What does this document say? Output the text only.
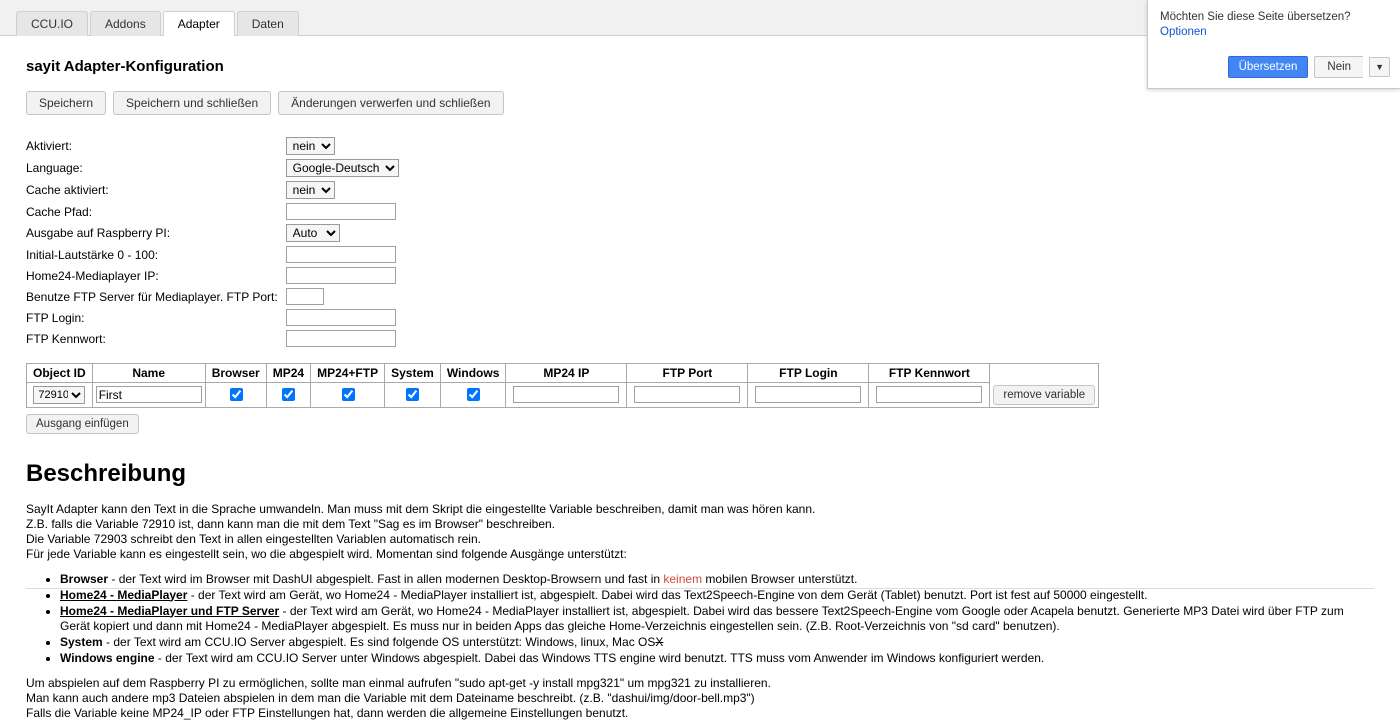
CCU.IO	Addons	Adapter	Daten	Möchten Sie diese Seite übersetzen? Optionen
Übersetzen	Nein	▼
sayit Adapter-Konfiguration
Speichern	Speichern und schließen	Änderungen verwerfen und schließen
Aktiviert:	
nein
Language:	
Google-Deutsch
Cache aktiviert:	
nein
Cache Pfad:	
Ausgabe auf Raspberry PI:	
Auto
Initial-Lautstärke 0 - 100:	
Home24-Mediaplayer IP:	
Benutze FTP Server für Mediaplayer. FTP Port:	
FTP Login:	
FTP Kennwort:	
Object ID	Name	Browser	MP24	MP24+FTP	System	Windows	MP24 IP	FTP Port	FTP Login	FTP Kennwort	

72910	First										remove variable
Ausgang einfügen
Beschreibung

SayIt Adapter kann den Text in die Sprache umwandeln. Man muss mit dem Skript die eingestellte Variable beschreiben, damit man was hören kann.

Z.B. falls die Variable 72910 ist, dann kann man die mit dem Text "Sag es im Browser" beschreiben.

Die Variable 72903 schreibt den Text in allen eingestellten Variablen automatisch rein.

Für jede Variable kann es eingestellt sein, wo die abgespielt wird. Momentan sind folgende Ausgänge unterstützt:

• Browser - der Text wird im Browser mit DashUI abgespielt. Fast in allen modernen Desktop-Browsern und fast in keinem mobilen Browser unterstützt.
• Home24 - MediaPlayer - der Text wird am Gerät, wo Home24 - MediaPlayer installiert ist, abgespielt. Dabei wird das Text2Speech-Engine von dem Gerät (Tablet) benutzt. Port ist fest auf 50000 eingestellt.
• Home24 - MediaPlayer und FTP Server - der Text wird am Gerät, wo Home24 - MediaPlayer installiert ist, abgespielt. Dabei wird das bessere Text2Speech-Engine vom Google oder Acapela benutzt. Generierte MP3 Datei wird über FTP zum Gerät kopiert und dann mit Home24 - MediaPlayer abgespielt. Es muss nur in beiden Apps das gleiche Home-Verzeichnis eingestellen sein. (Z.B. Root-Verzeichnis von "sd card" benutzen).
• System - der Text wird am CCU.IO Server abgespielt. Es sind folgende OS unterstützt: Windows, linux, Mac OSX
• Windows engine - der Text wird am CCU.IO Server unter Windows abgespielt. Dabei das Windows TTS engine wird benutzt. TTS muss vom Anwender im Windows konfiguriert werden.

Um abspielen auf dem Raspberry PI zu ermöglichen, sollte man einmal aufrufen "sudo apt-get -y install mpg321" um mpg321 zu installieren.

Man kann auch andere mp3 Dateien abspielen in dem man die Variable mit dem Dateiname beschreibt. (z.B. "dashui/img/door-bell.mp3")

Falls die Variable keine MP24_IP oder FTP Einstellungen hat, dann werden die allgemeine Einstellungen benutzt.
